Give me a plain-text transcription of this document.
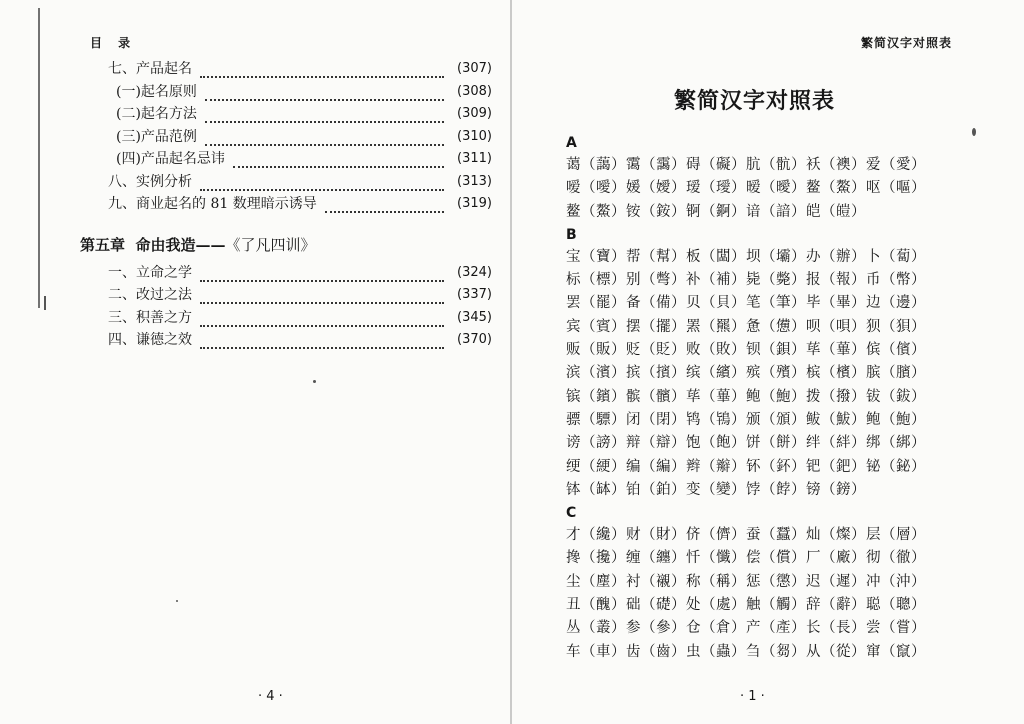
目 录
七、产品起名	(307)
(一)起名原则	(308)
(二)起名方法	(309)
(三)产品范例	(310)
(四)产品起名忌讳	(311)
八、实例分析	(313)
九、商业起名的 81 数理暗示诱导	(319)
第五章 命由我造——《了凡四训》
一、立命之学	(324)
二、改过之法	(337)
三、积善之方	(345)
四、谦德之效	(370)
· 4 ·
繁简汉字对照表
繁简汉字对照表
A
蔼（藹）霭（靄）碍（礙）肮（骯）袄（襖）爱（愛）
嗳（噯）媛（嬡）瑷（璦）暧（曖）鳌（鰲）呕（嘔）
鳌（鰲）铵（銨）锕（錒）谙（諳）皑（皚）
B
宝（寶）帮（幫）板（闆）坝（壩）办（辦）卜（蔔）
标（標）别（彆）补（補）毙（斃）报（報）币（幣）
罢（罷）备（備）贝（貝）笔（筆）毕（畢）边（邊）
宾（賓）摆（擺）罴（羆）惫（憊）呗（唄）狈（狽）
贩（販）贬（貶）败（敗）钡（鋇）荜（蓽）傧（儐）
滨（濱）摈（擯）缤（繽）殡（殯）槟（檳）膑（臏）
镔（鑌）髌（髕）荜（蓽）鲍（鮑）拨（撥）钹（鈸）
骠（驃）闭（閉）鸨（鴇）颁（頒）鲅（鮁）鲍（鮑）
谤（謗）辩（辯）饱（飽）饼（餅）绊（絆）绑（綁）
绠（綆）编（編）辫（辮）钚（鈈）钯（鈀）铋（鉍）
钵（缽）铂（鉑）变（變）饽（餑）镑（鎊）
C
才（纔）财（財）侪（儕）蚕（蠶）灿（燦）层（層）
搀（攙）缠（纏）忏（懺）偿（償）厂（廠）彻（徹）
尘（塵）衬（襯）称（稱）惩（懲）迟（遲）冲（沖）
丑（醜）础（礎）处（處）触（觸）辞（辭）聪（聰）
丛（叢）参（參）仓（倉）产（產）长（長）尝（嘗）
车（車）齿（齒）虫（蟲）刍（芻）从（從）窜（竄）
· 1 ·
